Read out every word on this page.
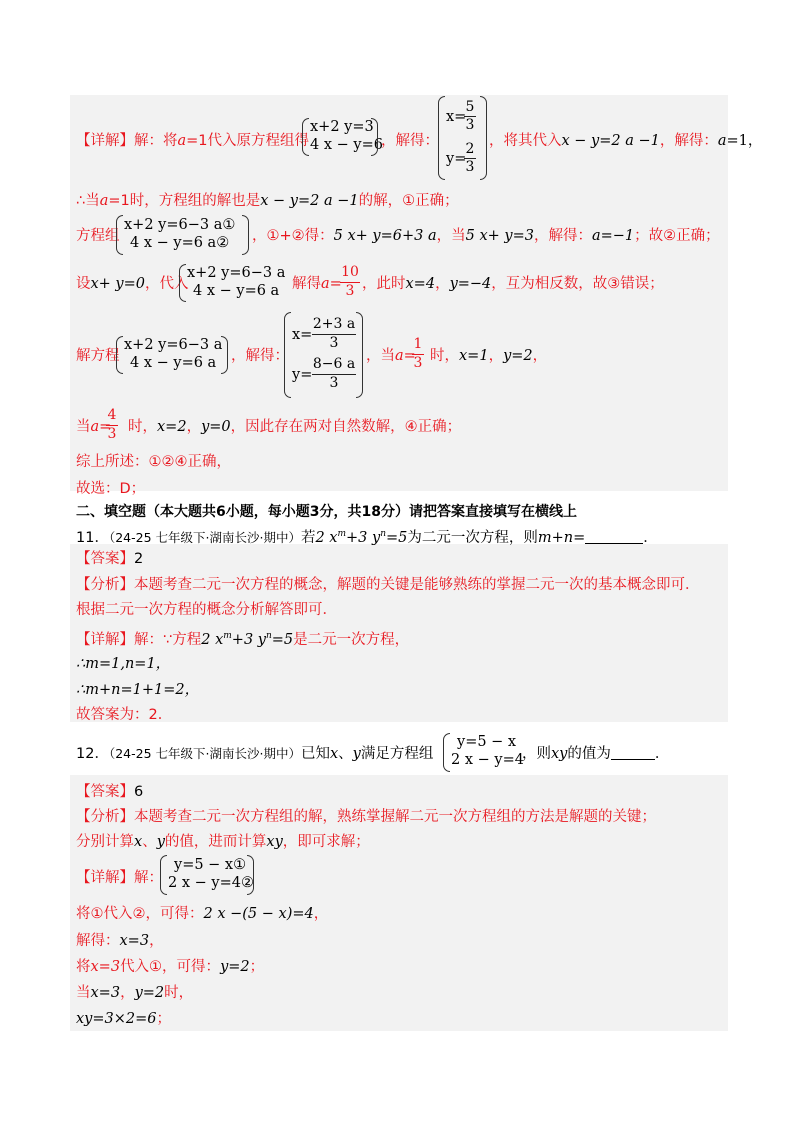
【详解】解：将a=1代入原方程组得
x+2 y=3
4 x − y=6
，解得：
x=
5
3
y=
2
3
，将其代入x − y=2 a −1，解得：a=1，
∴当a=1时，方程组的解也是x − y=2 a −1的解，①正确；
方程组
x+2 y=6−3 a①
4 x − y=6 a②	，①+②得：5 x+ y=6+3 a，当5 x+ y=3，解得：a=−1；故②正确；
设x+ y=0，代入
x+2 y=6−3 a
4 x − y=6 a 解得a=
10
3 ，此时x=4，y=−4，互为相反数，故③错误；
解方程
x+2 y=6−3 a
4 x − y=6 a	，解得：
x=
2+3 a
3
y=
8−6 a
3
，当a=
1
3 时，x=1，y=2，
当a=
4
3 时，x=2，y=0，因此存在两对自然数解，④正确；
综上所述：①②④正确，
故选：D；
二、填空题（本大题共6小题，每小题3分，共18分）请把答案直接填写在横线上
11．（24-25 七年级下·湖南长沙·期中）若2 $x^m+3$ $y^n=5$为二元一次方程，则m+n=	．
【答案】2
【分析】本题考查二元一次方程的概念，解题的关键是能够熟练的掌握二元一次的基本概念即可．
根据二元一次方程的概念分析解答即可．
【详解】解：∵方程2 $x^m+3$ $y^n=5$是二元一次方程，
∴m=1,n=1，
∴m+n=1+1=2，
故答案为：2．
12．（24-25 七年级下·湖南长沙·期中）已知x、y满足方程组
y=5 − x
2 x − y=4
，则xy的值为	．
【答案】6
【分析】本题考查二元一次方程组的解，熟练掌握解二元一次方程组的方法是解题的关键；
分别计算x、y的值，进而计算xy，即可求解；
【详解】解：
y=5 − x①
2 x − y=4②
将①代入②，可得：2 x −(5 − x)=4，
解得：x=3，
将x=3代入①，可得：y=2；
当x=3，y=2时，
xy=3×2=6；
